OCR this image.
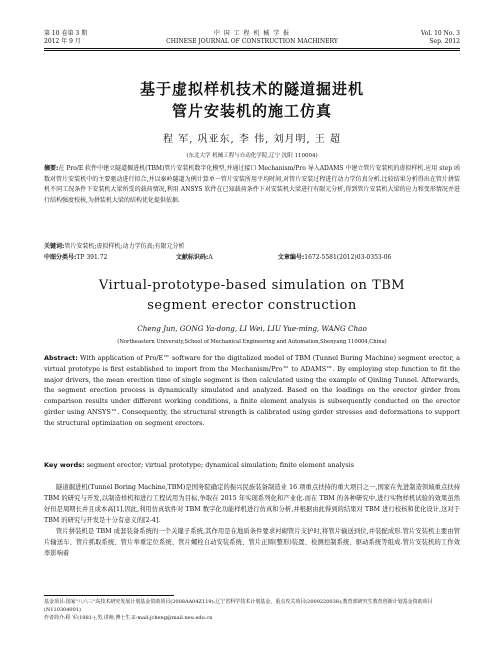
第 10 卷第 3 期
2012 年 9 月
中 国 工 程 机 械 学 报
CHINESE JOURNAL OF CONSTRUCTION MACHINERY
Vol. 10 No. 3
Sep. 2012
基于虚拟样机技术的隧道掘进机
管片安装机的施工仿真
程 军, 巩亚东, 李 伟, 刘月明, 王 超
(东北大学 机械工程与自动化学院,辽宁 沈阳 110004)
摘要:在 Pro/E 软件中建立隧道掘进机(TBM)管片安装机数字化模型,并通过接口 Mechanism/Pro 导入ADAMS 中建立管片安装机的虚拟样机.应用 step 函数对管片安装机中的主要驱动进行拟合,并以秦岭隧道为例计算单一管片安装所用平均时间,对管片安装过程进行动力学仿真分析.比较结果分析得出在管片拼装机不同工况条件下安装机大梁所受的载荷情况,利用 ANSYS 软件在已知载荷条件下对安装机大梁进行有限元分析,得到管片安装机大梁的应力和变形情况并进行结构强度校核,为拼装机大梁的结构优化提供依据.
关键词:管片安装机;虚拟样机;动力学仿真;有限元分析
中图分类号:TP 391.72	文献标识码:A	文章编号:1672-5581(2012)03-0353-06
Virtual-prototype-based simulation on TBM
segment erector construction
Cheng Jun, GONG Ya-dong, LI Wei, LIU Yue-ming, WANG Chao
(Northeastern University,School of Mechanical Engineering and Automation,Shenyang 110004,China)
Abstract: With application of Pro/E™ software for the digitalized model of TBM (Tunnel Buring Machine) segment erector, a virtual prototype is first established to import from the Mechanism/Pro™ to ADAMS™. By employing step function to fit the major drivers, the mean erection time of single segment is then calculated using the example of Qinling Tunnel. Afterwards, the segment erection process is dynamically simulated and analyzed. Based on the loadings on the erector girder from comparison results under different working conditions, a finite element analysis is subsequently conducted on the erector girder using ANSYS™. Consequently, the structural strength is calibrated using girder stresses and deformations to support the structural optimization on segment erectors.
Key words: segment erector; virtual prototype; dynamical simulation; finite element analysis

隧道掘进机(Tunnel Boring Machine,TBM)是国务院确定的振兴民族装备制造业 16 项重点扶持的重大项目之一,国家在先进制造领域重点扶持 TBM 的研究与开发,以制造样机和进行工程试用为目标,争取在 2015 年实现系列化和产业化.而在 TBM 的各种研究中,进行实物样机试验的效果虽然好但是周期长并且成本高[1],因此,利用仿真软件对 TBM 数字化功能样机进行仿真和分析,并根据由此得到的结果对 TBM 进行校核和优化设计,这对于 TBM 的研究与开发是十分有意义的[2-4].

管片拼装机是 TBM 成套装备系统的一个关键子系统,其作用是在地质条件要求衬砌管片支护时,将管片输送到位,并装配成形.管片安装机主要由管片输送车、管片抓取系统、管片举重定位系统、管片螺栓自动安装系统、管片正圆(整形)装置、检测控制系统、驱动系统等组成.管片安装机的工作效率影响着

基金项目:国家"八六三"高技术研究发展计划基金资助项目(2008AA04Z119);辽宁省科学技术计划基金、重点攻关项目(2009220038);教育部研究生教育创新计划基金资助项目(N110304001)
作者简介:程 军(1981-),男,讲师,博士生.E-mail:jcheng@mail.neu.edu.cn
